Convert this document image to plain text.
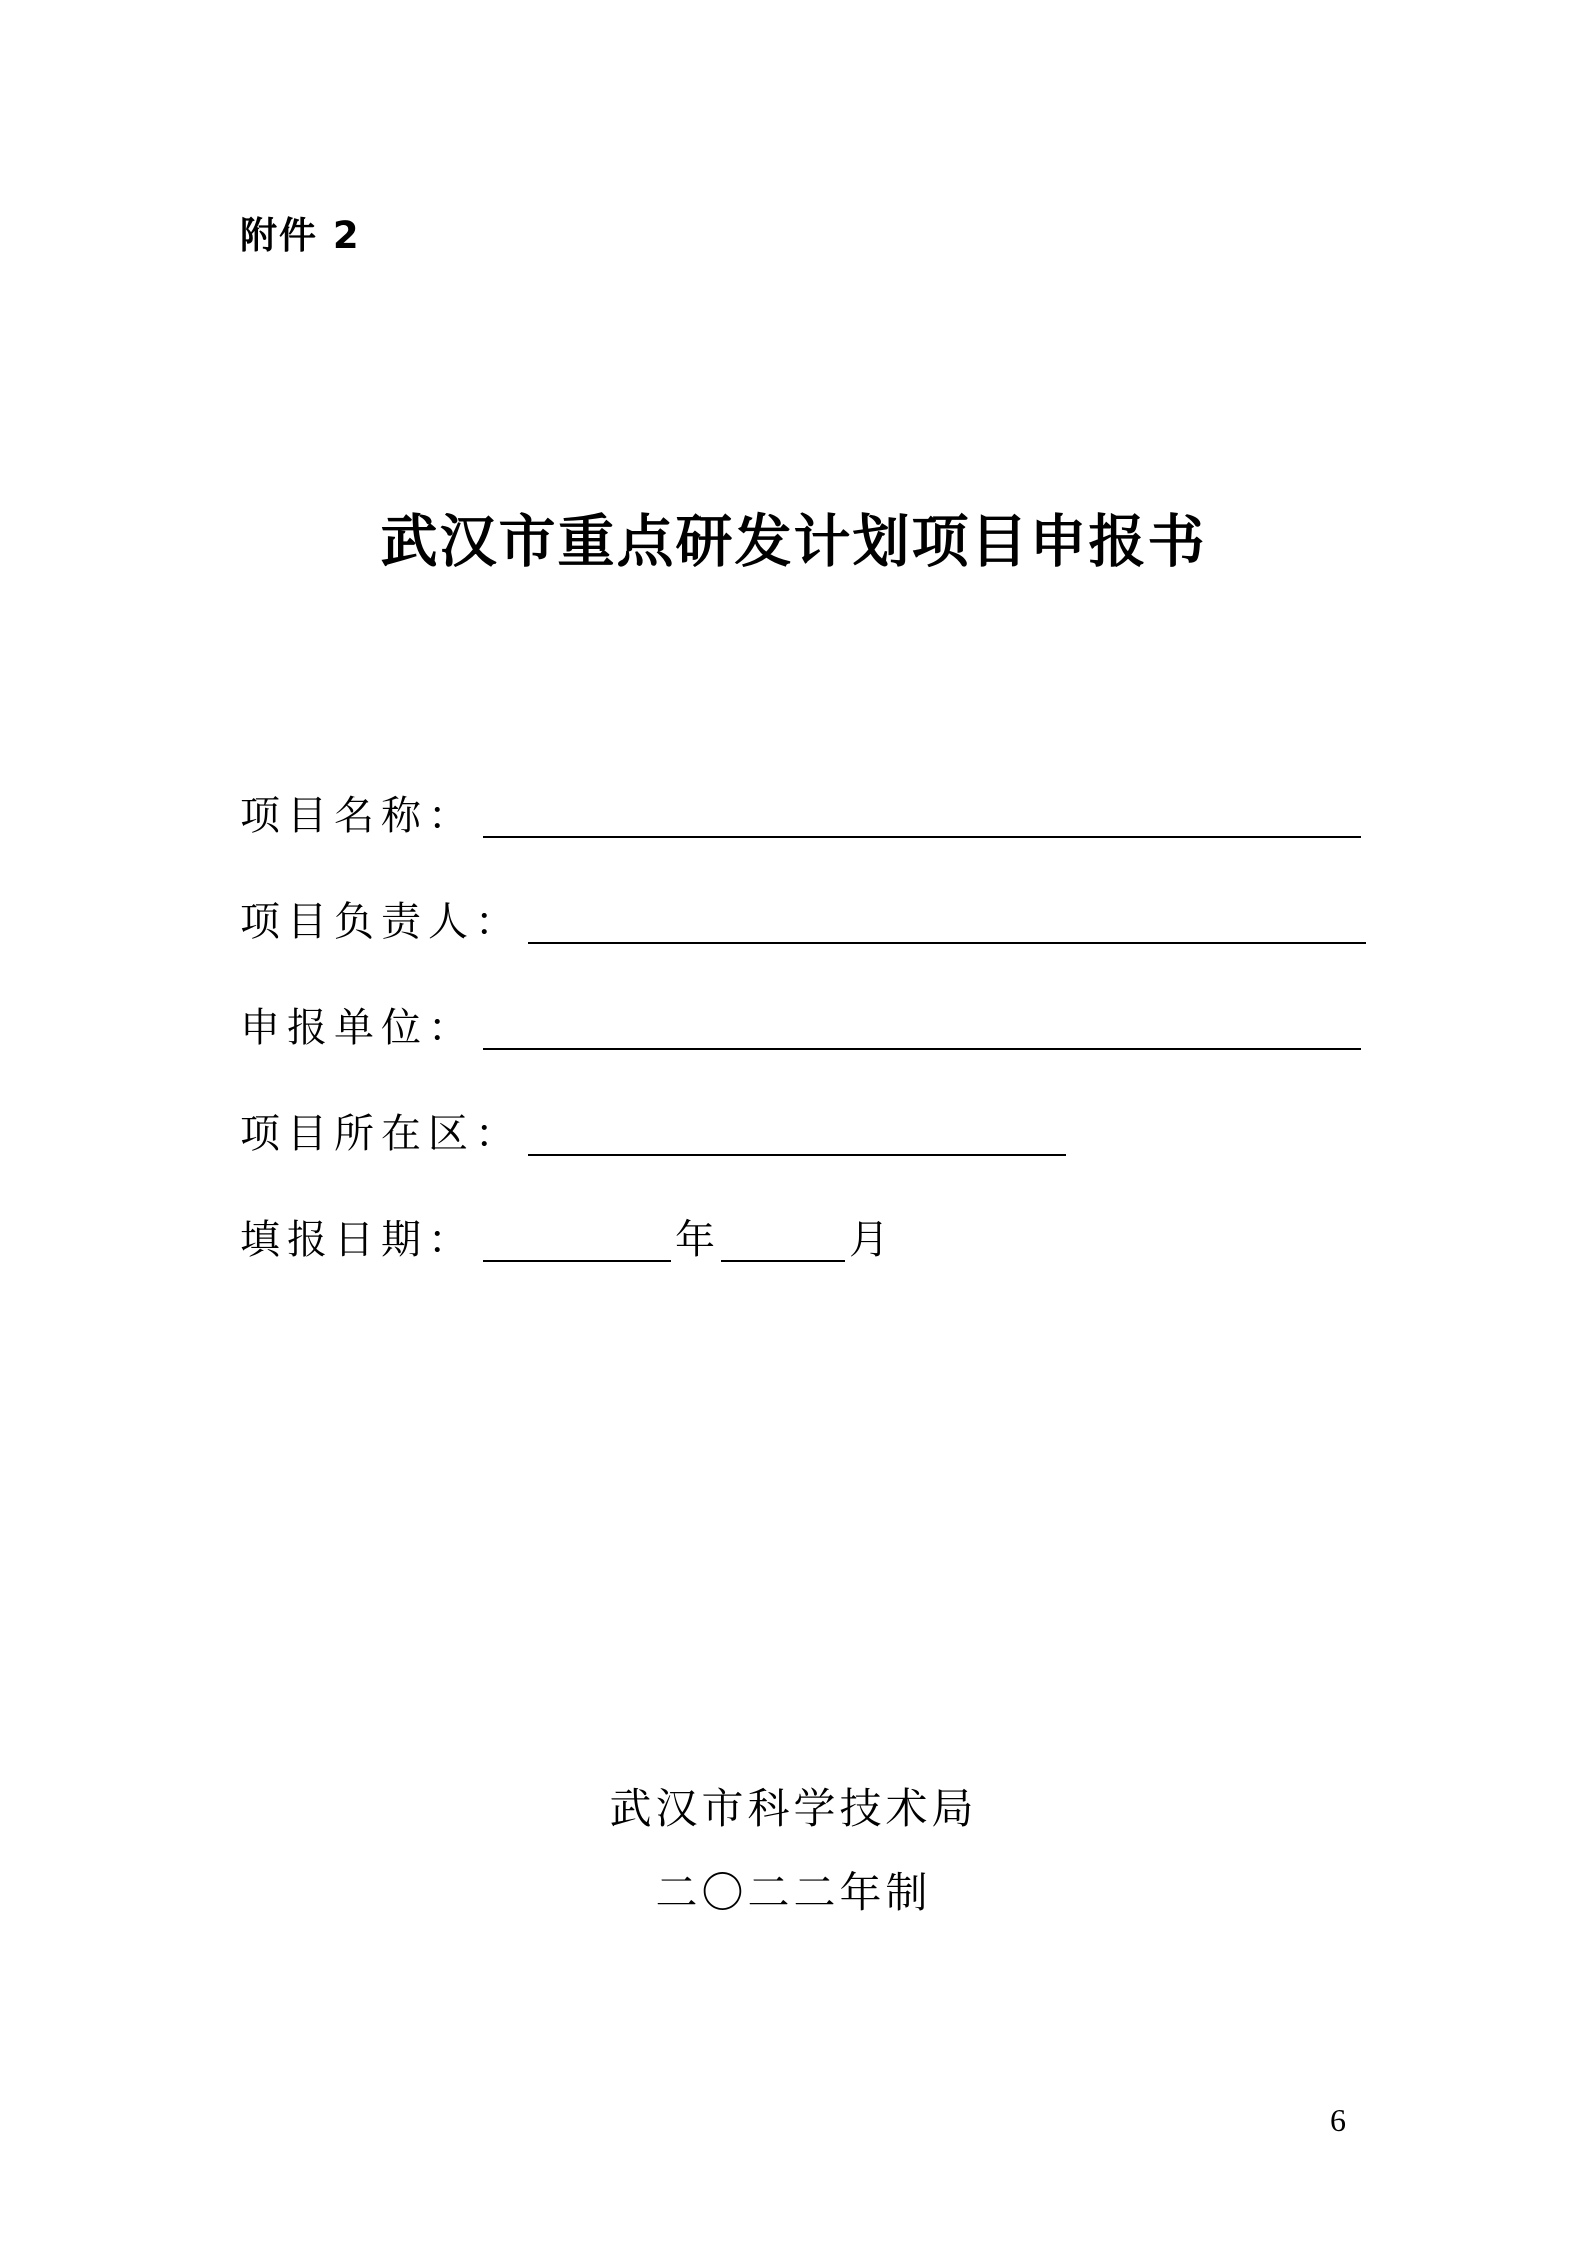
附件 2
武汉市重点研发计划项目申报书
项目名称：
项目负责人：
申报单位：
项目所在区：
填报日期：	年	月
武汉市科学技术局
二〇二二年制
6
